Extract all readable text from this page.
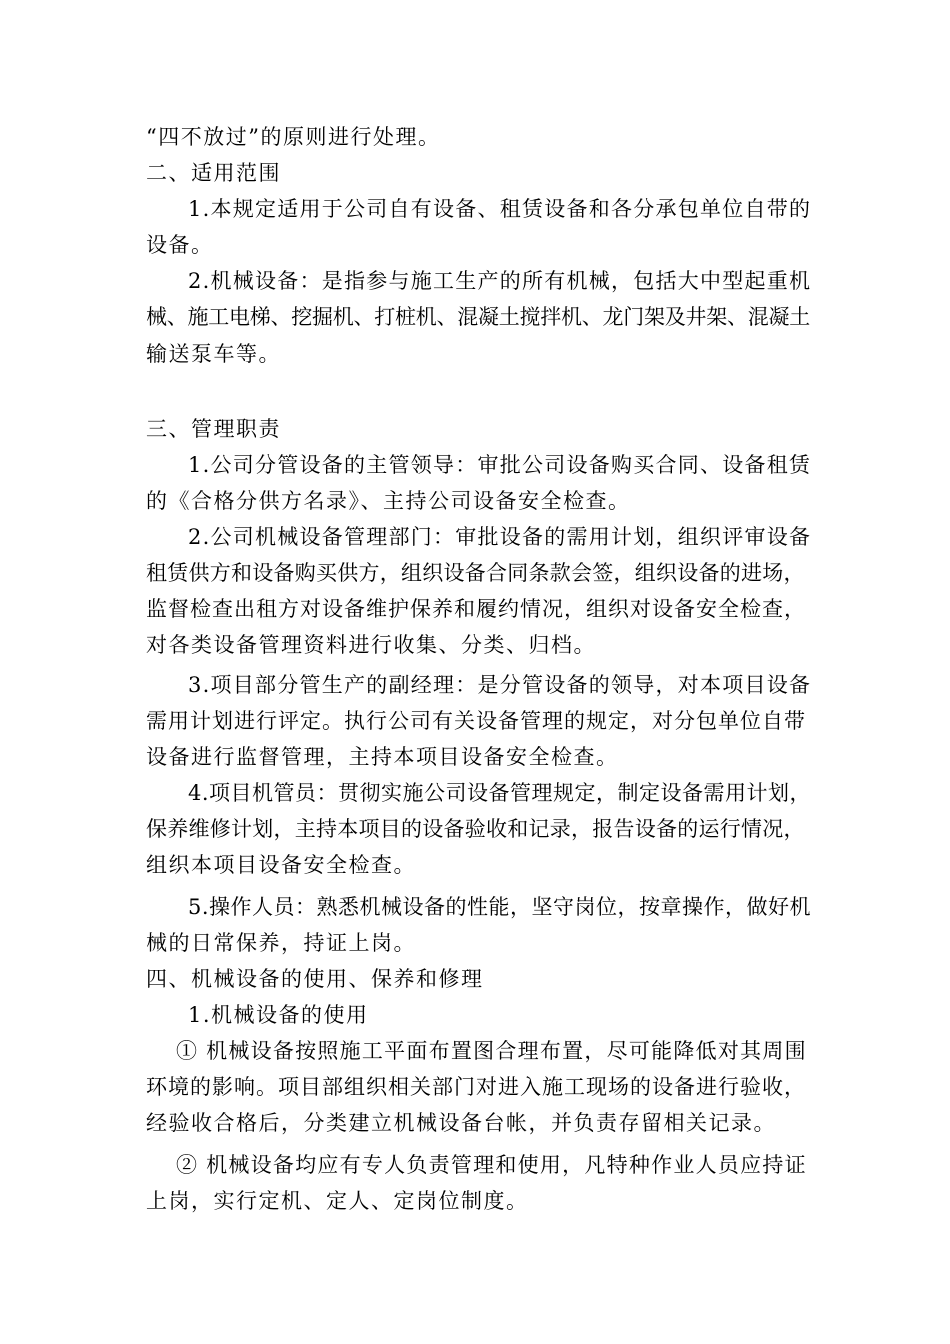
“四不放过”的原则进行处理。
二、适用范围
1.本规定适用于公司自有设备、租赁设备和各分承包单位自带的
设备。
2.机械设备：是指参与施工生产的所有机械，包括大中型起重机
械、施工电梯、挖掘机、打桩机、混凝土搅拌机、龙门架及井架、混凝土
输送泵车等。
三、管理职责
1.公司分管设备的主管领导：审批公司设备购买合同、设备租赁
的《合格分供方名录》、主持公司设备安全检查。
2.公司机械设备管理部门：审批设备的需用计划，组织评审设备
租赁供方和设备购买供方，组织设备合同条款会签，组织设备的进场，
监督检查出租方对设备维护保养和履约情况，组织对设备安全检查，
对各类设备管理资料进行收集、分类、归档。
3.项目部分管生产的副经理：是分管设备的领导，对本项目设备
需用计划进行评定。执行公司有关设备管理的规定，对分包单位自带
设备进行监督管理，主持本项目设备安全检查。
4.项目机管员：贯彻实施公司设备管理规定，制定设备需用计划，
保养维修计划，主持本项目的设备验收和记录，报告设备的运行情况，
组织本项目设备安全检查。
5.操作人员：熟悉机械设备的性能，坚守岗位，按章操作，做好机
械的日常保养，持证上岗。
四、机械设备的使用、保养和修理
1.机械设备的使用
① 机械设备按照施工平面布置图合理布置，尽可能降低对其周围
环境的影响。项目部组织相关部门对进入施工现场的设备进行验收，
经验收合格后，分类建立机械设备台帐，并负责存留相关记录。
② 机械设备均应有专人负责管理和使用，凡特种作业人员应持证
上岗，实行定机、定人、定岗位制度。
